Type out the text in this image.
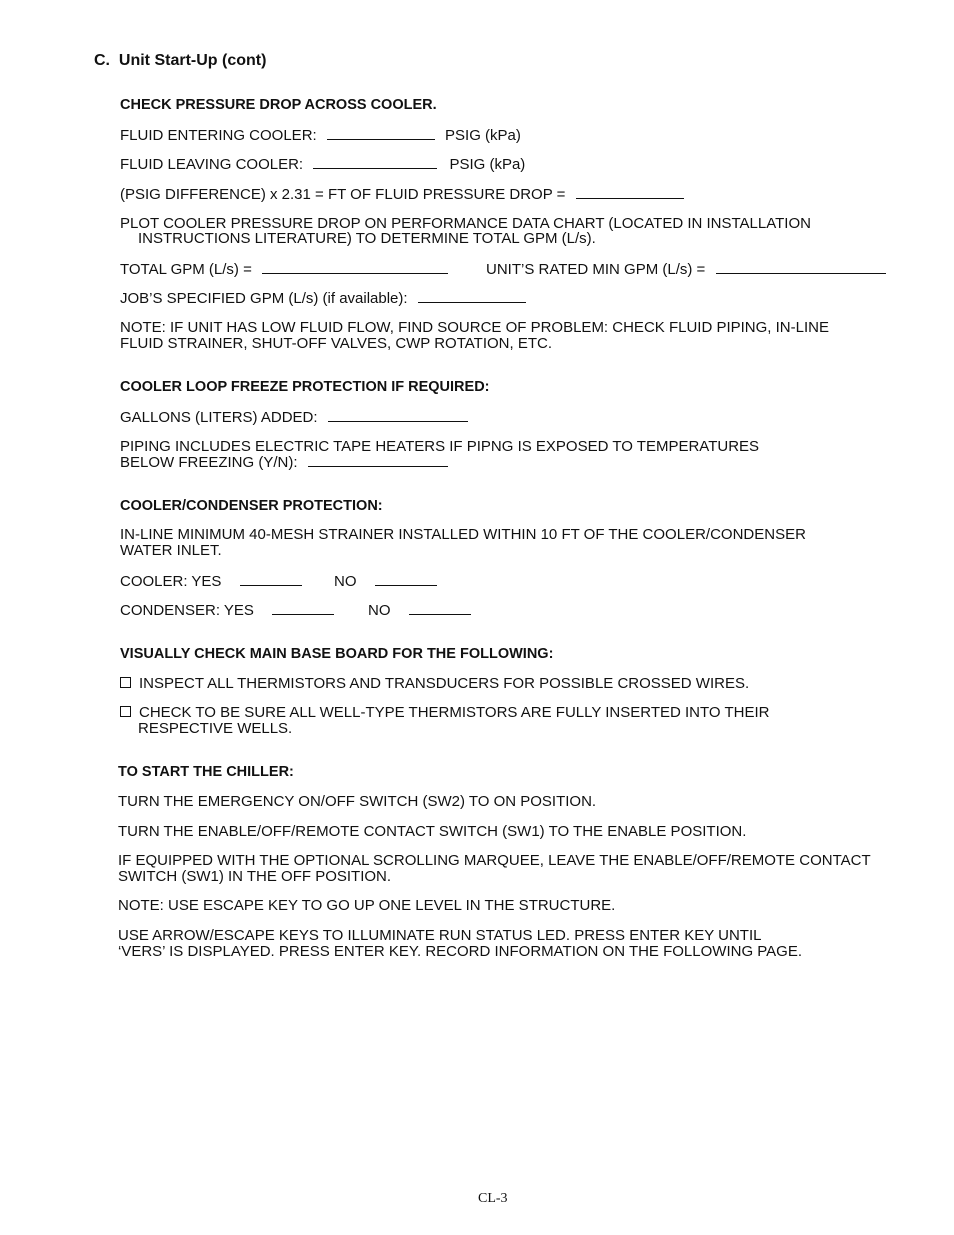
C. Unit Start-Up (cont)
CHECK PRESSURE DROP ACROSS COOLER.
FLUID ENTERING COOLER:	PSIG (kPa)
FLUID LEAVING COOLER:	PSIG (kPa)
(PSIG DIFFERENCE) x 2.31 = FT OF FLUID PRESSURE DROP =
PLOT COOLER PRESSURE DROP ON PERFORMANCE DATA CHART (LOCATED IN INSTALLATION
INSTRUCTIONS LITERATURE) TO DETERMINE TOTAL GPM (L/s).
TOTAL GPM (L/s) =	UNIT’S RATED MIN GPM (L/s) =
JOB’S SPECIFIED GPM (L/s) (if available):
NOTE: IF UNIT HAS LOW FLUID FLOW, FIND SOURCE OF PROBLEM: CHECK FLUID PIPING, IN-LINE
FLUID STRAINER, SHUT-OFF VALVES, CWP ROTATION, ETC.
COOLER LOOP FREEZE PROTECTION IF REQUIRED:
GALLONS (LITERS) ADDED:
PIPING INCLUDES ELECTRIC TAPE HEATERS IF PIPNG IS EXPOSED TO TEMPERATURES
BELOW FREEZING (Y/N):
COOLER/CONDENSER PROTECTION:
IN-LINE MINIMUM 40-MESH STRAINER INSTALLED WITHIN 10 FT OF THE COOLER/CONDENSER
WATER INLET.
COOLER: YES	NO
CONDENSER: YES	NO
VISUALLY CHECK MAIN BASE BOARD FOR THE FOLLOWING:
INSPECT ALL THERMISTORS AND TRANSDUCERS FOR POSSIBLE CROSSED WIRES.
CHECK TO BE SURE ALL WELL-TYPE THERMISTORS ARE FULLY INSERTED INTO THEIR
RESPECTIVE WELLS.
TO START THE CHILLER:
TURN THE EMERGENCY ON/OFF SWITCH (SW2) TO ON POSITION.
TURN THE ENABLE/OFF/REMOTE CONTACT SWITCH (SW1) TO THE ENABLE POSITION.
IF EQUIPPED WITH THE OPTIONAL SCROLLING MARQUEE, LEAVE THE ENABLE/OFF/REMOTE CONTACT
SWITCH (SW1) IN THE OFF POSITION.
NOTE: USE ESCAPE KEY TO GO UP ONE LEVEL IN THE STRUCTURE.
USE ARROW/ESCAPE KEYS TO ILLUMINATE RUN STATUS LED. PRESS ENTER KEY UNTIL
‘VERS’ IS DISPLAYED. PRESS ENTER KEY. RECORD INFORMATION ON THE FOLLOWING PAGE.
CL-3
